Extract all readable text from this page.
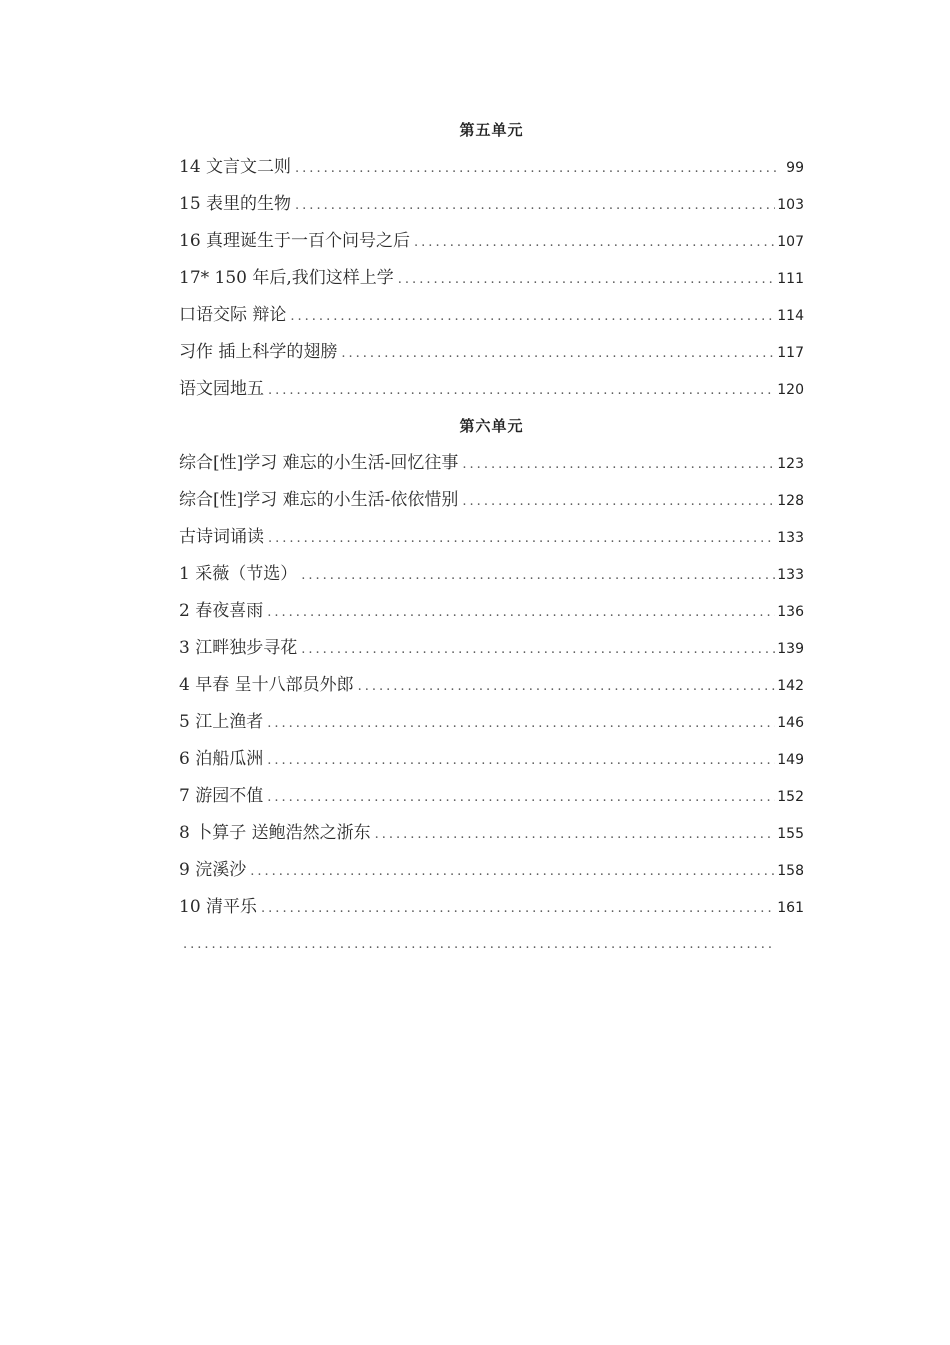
第五单元
14 文言文二则 .....	99
15 表里的生物 .....	103
16 真理诞生于一百个问号之后 .....	107
17* 150 年后,我们这样上学 .....	111
口语交际 辩论 .....	114
习作 插上科学的翅膀 .....	117
语文园地五 .....	120
第六单元
综合[性]学习 难忘的小生活-回忆往事 .....	123
综合[性]学习 难忘的小生活-依依惜别 .....	128
古诗词诵读 .....	133
1 采薇（节选） .....	133
2 春夜喜雨 .....	136
3 江畔独步寻花 .....	139
4 早春 呈十八部员外郎 .....	142
5 江上渔者 .....	146
6 泊船瓜洲 .....	149
7 游园不值 .....	152
8 卜算子 送鲍浩然之浙东 .....	155
9 浣溪沙 .....	158
10 清平乐 .....	161
.....
